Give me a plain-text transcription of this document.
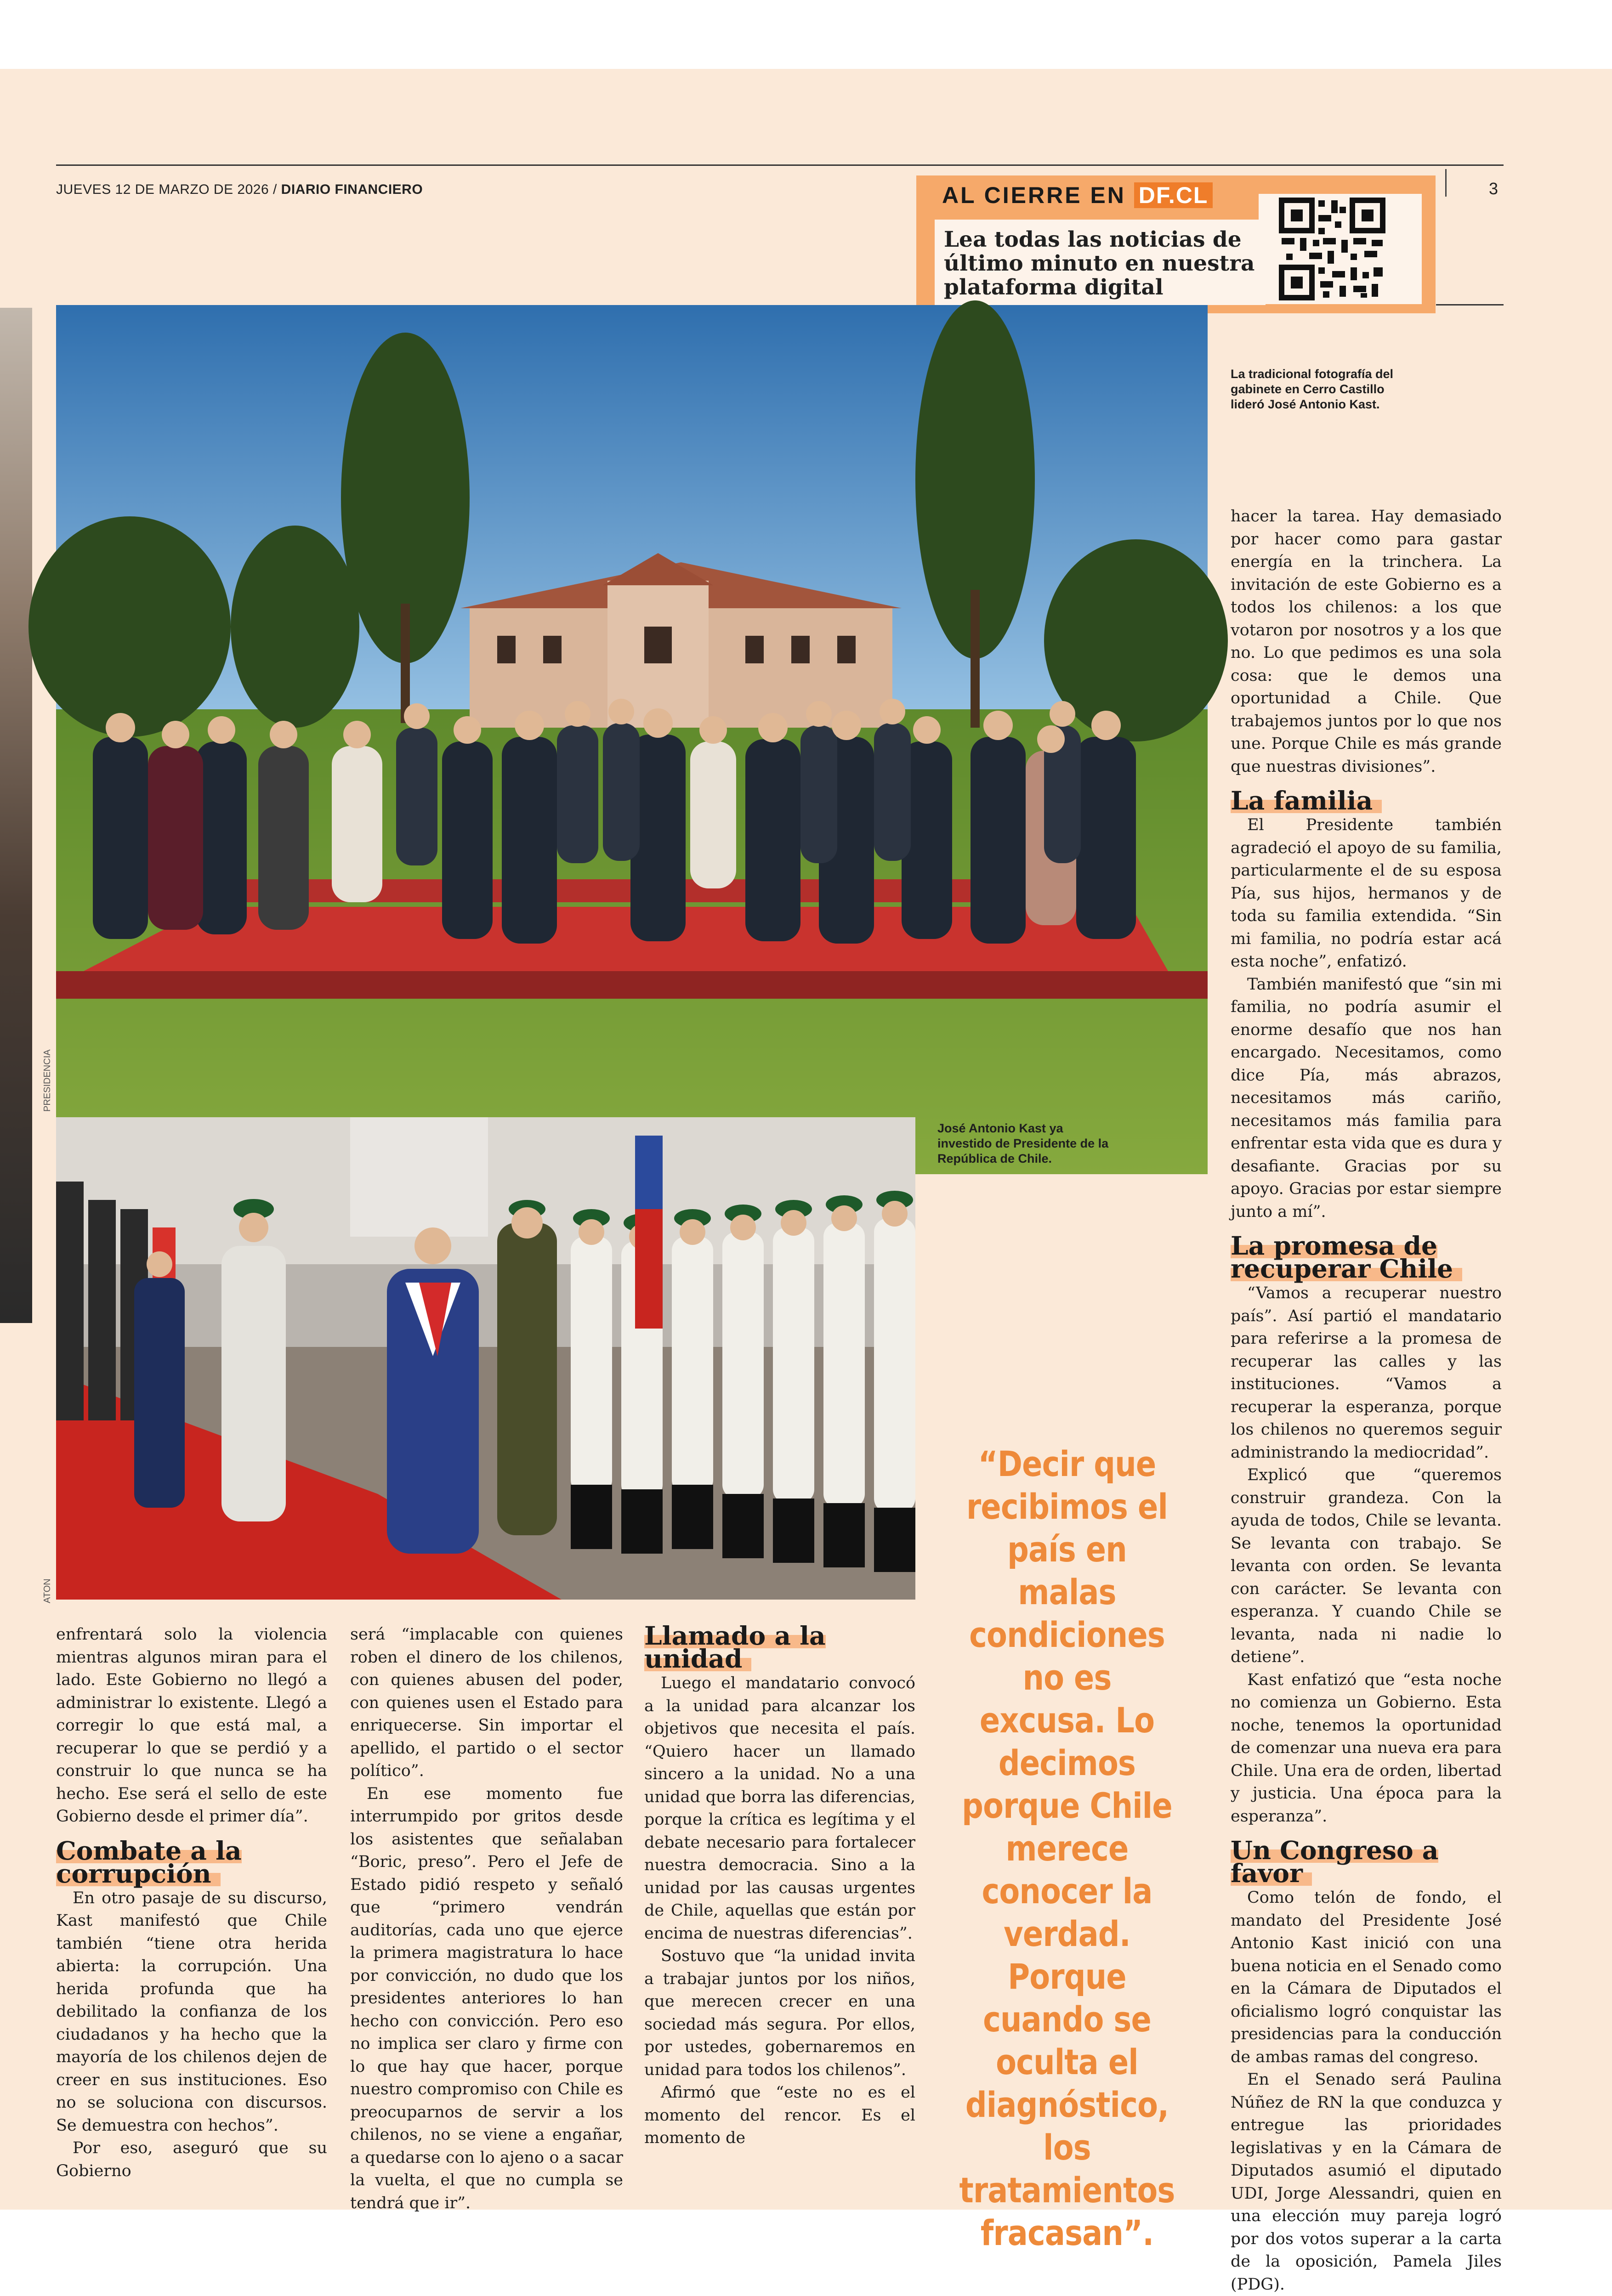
JUEVES 12 DE MARZO DE 2026 / DIARIO FINANCIERO	3
AL CIERRE EN DF.CL
Lea todas las noticias de último minuto en nuestra plataforma digital
PRESIDENCIA
ATON
La tradicional fotografía del gabinete en Cerro Castillo lideró José Antonio Kast.
José Antonio Kast ya investido de Presidente de la República de Chile.

enfrentará solo la violencia mientras algunos miran para el lado. Este Gobierno no llegó a administrar lo existente. Llegó a corregir lo que está mal, a recuperar lo que se perdió y a construir lo que nunca se ha hecho. Ese será el sello de este Gobierno desde el primer día”.

Combate a la corrupción

En otro pasaje de su discurso, Kast manifestó que Chile también “tiene otra herida abierta: la corrupción. Una herida profunda que ha debilitado la confianza de los ciudadanos y ha hecho que la mayoría de los chilenos dejen de creer en sus instituciones. Eso no se soluciona con discursos. Se demuestra con hechos”.

Por eso, aseguró que su Gobierno

será “implacable con quienes roben el dinero de los chilenos, con quienes abusen del poder, con quienes usen el Estado para enriquecerse. Sin importar el apellido, el partido o el sector político”.

En ese momento fue interrumpido por gritos desde los asistentes que señalaban “Boric, preso”. Pero el Jefe de Estado pidió respeto y señaló que “primero vendrán auditorías, cada uno que ejerce la primera magistratura lo hace por convicción, no dudo que los presidentes anteriores lo han hecho con convicción. Pero eso no implica ser claro y firme con lo que hay que hacer, porque nuestro compromiso con Chile es preocuparnos de servir a los chilenos, no se viene a engañar, a quedarse con lo ajeno o a sacar la vuelta, el que no cumpla se tendrá que ir”.

Llamado a la unidad

Luego el mandatario convocó a la unidad para alcanzar los objetivos que necesita el país. “Quiero hacer un llamado sincero a la unidad. No a una unidad que borra las diferencias, porque la crítica es legítima y el debate necesario para fortalecer nuestra democracia. Sino a la unidad por las causas urgentes de Chile, aquellas que están por encima de nuestras diferencias”.

Sostuvo que “la unidad invita a trabajar juntos por los niños, que merecen crecer en una sociedad más segura. Por ellos, por ustedes, gobernaremos en unidad para todos los chilenos”.

Afirmó que “este no es el momento del rencor. Es el momento de

“Decir que recibimos el país en malas condiciones no es excusa. Lo decimos porque Chile merece conocer la verdad. Porque cuando se oculta el diagnóstico, los tratamientos fracasan”.

hacer la tarea. Hay demasiado por hacer como para gastar energía en la trinchera. La invitación de este Gobierno es a todos los chilenos: a los que votaron por nosotros y a los que no. Lo que pedimos es una sola cosa: que le demos una oportunidad a Chile. Que trabajemos juntos por lo que nos une. Porque Chile es más grande que nuestras divisiones”.

La familia

El Presidente también agradeció el apoyo de su familia, particularmente el de su esposa Pía, sus hijos, hermanos y de toda su familia extendida. “Sin mi familia, no podría estar acá esta noche”, enfatizó.

También manifestó que “sin mi familia, no podría asumir el enorme desafío que nos han encargado. Necesitamos, como dice Pía, más abrazos, necesitamos más cariño, necesitamos más familia para enfrentar esta vida que es dura y desafiante. Gracias por su apoyo. Gracias por estar siempre junto a mí”.

La promesa de recuperar Chile

“Vamos a recuperar nuestro país”. Así partió el mandatario para referirse a la promesa de recuperar las calles y las instituciones. “Vamos a recuperar la esperanza, porque los chilenos no queremos seguir administrando la mediocridad”.

Explicó que “queremos construir grandeza. Con la ayuda de todos, Chile se levanta. Se levanta con trabajo. Se levanta con orden. Se levanta con carácter. Se levanta con esperanza. Y cuando Chile se levanta, nada ni nadie lo detiene”.

Kast enfatizó que “esta noche no comienza un Gobierno. Esta noche, tenemos la oportunidad de comenzar una nueva era para Chile. Una era de orden, libertad y justicia. Una época para la esperanza”.

Un Congreso a favor

Como telón de fondo, el mandato del Presidente José Antonio Kast inició con una buena noticia en el Senado como en la Cámara de Diputados el oficialismo logró conquistar las presidencias para la conducción de ambas ramas del congreso.

En el Senado será Paulina Núñez de RN la que conduzca y entregue las prioridades legislativas y en la Cámara de Diputados asumió el diputado UDI, Jorge Alessandri, quien en una elección muy pareja logró por dos votos superar a la carta de la oposición, Pamela Jiles (PDG).
